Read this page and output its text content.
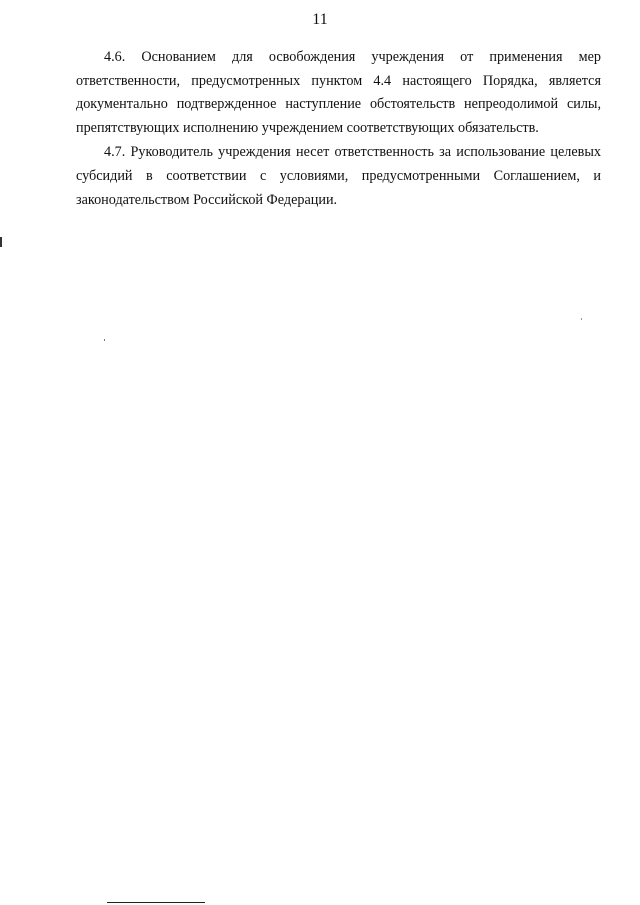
11

4.6. Основанием для освобождения учреждения от применения мер ответственности, предусмотренных пунктом 4.4 настоящего Порядка, является документально подтвержденное наступление обстоятельств непреодолимой силы, препятствующих исполнению учреждением соответствующих обязательств.

4.7. Руководитель учреждения несет ответственность за использование целевых субсидий в соответствии с условиями, предусмотренными Соглашением, и законодательством Российской Федерации.
